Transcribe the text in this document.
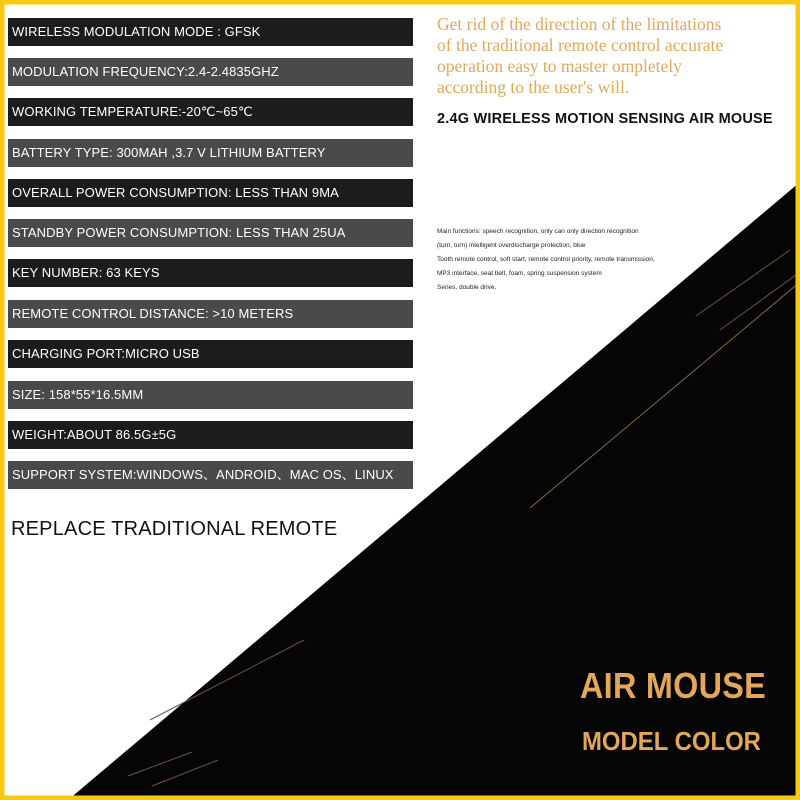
WIRELESS MODULATION MODE : GFSK
MODULATION FREQUENCY:2.4-2.4835GHZ
WORKING TEMPERATURE:-20℃~65℃
BATTERY TYPE: 300MAH ,3.7 V LITHIUM BATTERY
OVERALL POWER CONSUMPTION: LESS THAN 9MA
STANDBY POWER CONSUMPTION: LESS THAN 25UA
KEY NUMBER: 63 KEYS
REMOTE CONTROL DISTANCE: >10 METERS
CHARGING PORT:MICRO USB
SIZE: 158*55*16.5MM
WEIGHT:ABOUT 86.5G±5G
SUPPORT SYSTEM:WINDOWS、ANDROID、MAC OS、LINUX
REPLACE TRADITIONAL REMOTE
Get rid of the direction of the limitations
of the traditional remote control accurate
operation easy to master ompletely
according to the user's will.
2.4G WIRELESS MOTION SENSING AIR MOUSE
Main functions: speech recognition, only can only direction recognition
(turn, turn) intelligent overdischarge protection, blue
Tooth remote control, soft start, remote control priority, remote transmission,
MP3 interface, seat belt, foam, spring suspension system
Series, double drive.
AIR MOUSE
MODEL COLOR
